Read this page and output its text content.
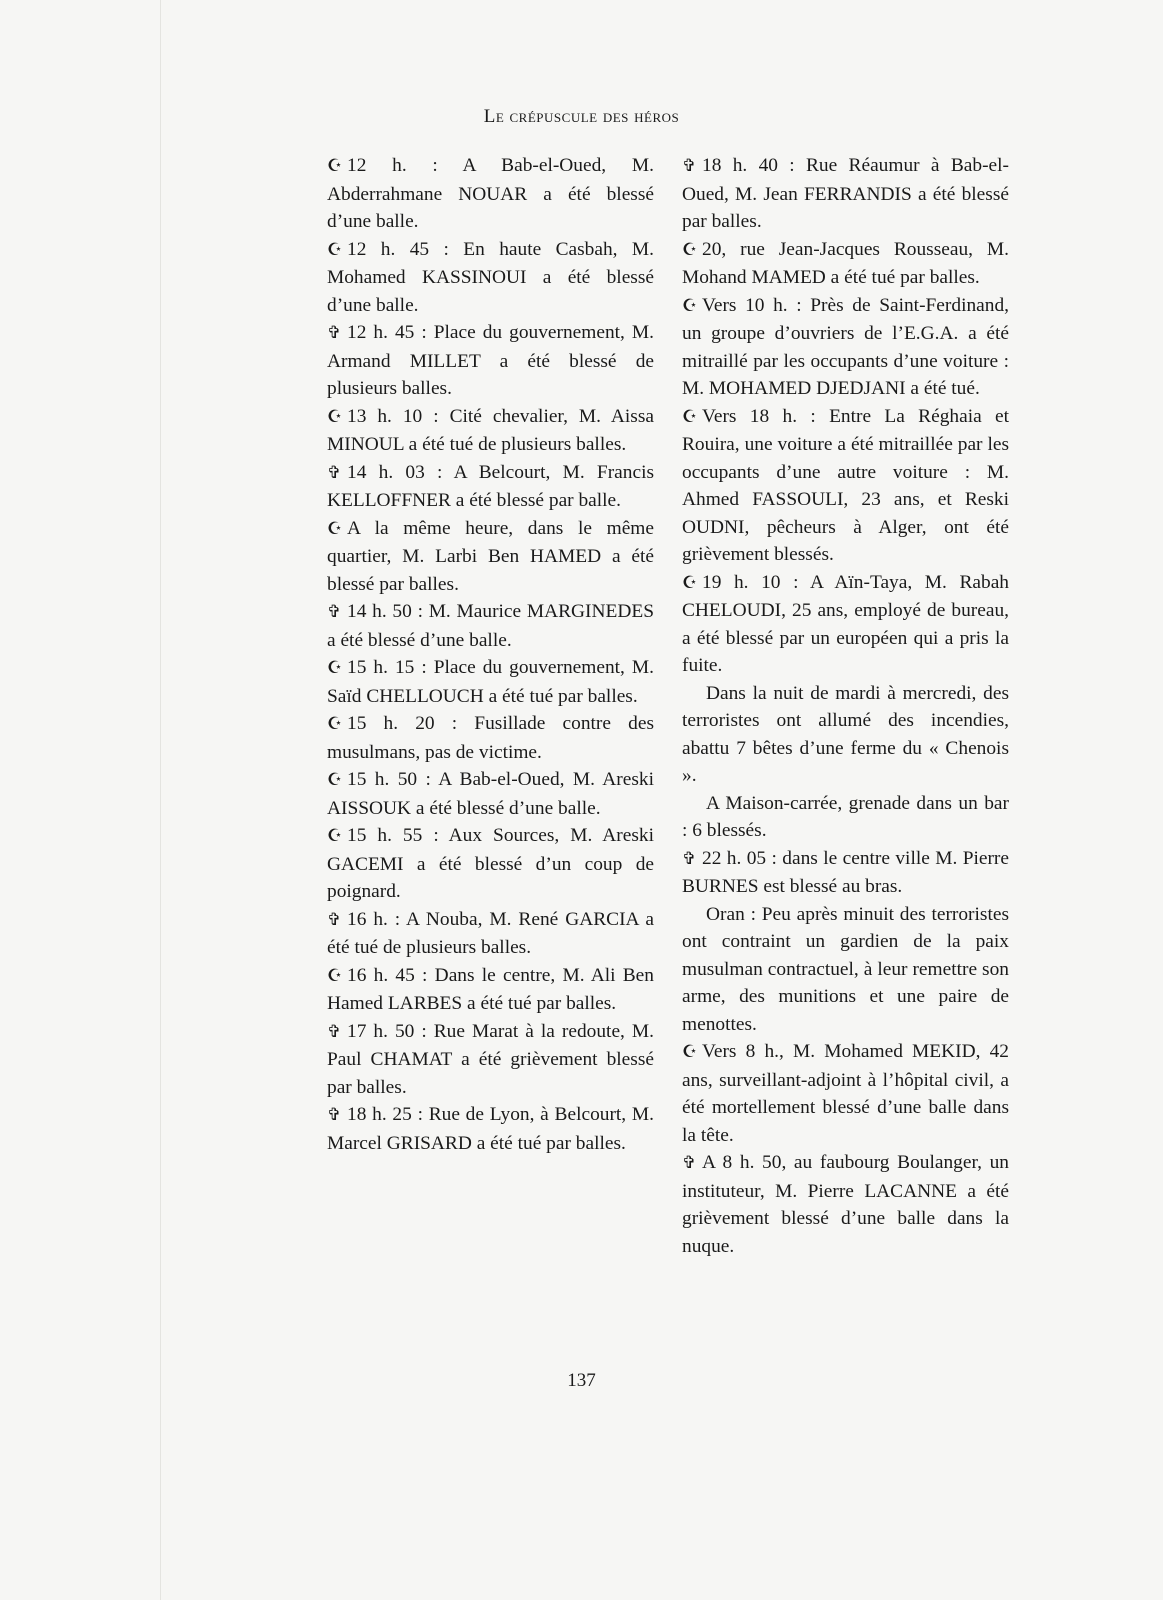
Le crépuscule des héros

☪ 12 h. : A Bab-el-Oued, M. Abderrahmane NOUAR a été blessé d’une balle.

☪ 12 h. 45 : En haute Casbah, M. Mohamed KASSINOUI a été blessé d’une balle.

✞ 12 h. 45 : Place du gouvernement, M. Armand MILLET a été blessé de plusieurs balles.

☪ 13 h. 10 : Cité chevalier, M. Aissa MINOUL a été tué de plusieurs balles.

✞ 14 h. 03 : A Belcourt, M. Francis KELLOFFNER a été blessé par balle.

☪ A la même heure, dans le même quartier, M. Larbi Ben HAMED a été blessé par balles.

✞ 14 h. 50 : M. Maurice MARGINEDES a été blessé d’une balle.

☪ 15 h. 15 : Place du gouvernement, M. Saïd CHELLOUCH a été tué par balles.

☪ 15 h. 20 : Fusillade contre des musulmans, pas de victime.

☪ 15 h. 50 : A Bab-el-Oued, M. Areski AISSOUK a été blessé d’une balle.

☪ 15 h. 55 : Aux Sources, M. Areski GACEMI a été blessé d’un coup de poignard.

✞ 16 h. : A Nouba, M. René GARCIA a été tué de plusieurs balles.

☪ 16 h. 45 : Dans le centre, M. Ali Ben Hamed LARBES a été tué par balles.

✞ 17 h. 50 : Rue Marat à la redoute, M. Paul CHAMAT a été grièvement blessé par balles.

✞ 18 h. 25 : Rue de Lyon, à Belcourt, M. Marcel GRISARD a été tué par balles.

✞ 18 h. 40 : Rue Réaumur à Bab-el-Oued, M. Jean FERRANDIS a été blessé par balles.

☪ 20, rue Jean-Jacques Rousseau, M. Mohand MAMED a été tué par balles.

☪ Vers 10 h. : Près de Saint-Ferdinand, un groupe d’ouvriers de l’E.G.A. a été mitraillé par les occupants d’une voiture : M. MOHAMED DJEDJANI a été tué.

☪ Vers 18 h. : Entre La Réghaia et Rouira, une voiture a été mitraillée par les occupants d’une autre voiture : M. Ahmed FASSOULI, 23 ans, et Reski OUDNI, pêcheurs à Alger, ont été grièvement blessés.

☪ 19 h. 10 : A Aïn-Taya, M. Rabah CHELOUDI, 25 ans, employé de bureau, a été blessé par un européen qui a pris la fuite.

Dans la nuit de mardi à mercredi, des terroristes ont allumé des incendies, abattu 7 bêtes d’une ferme du « Chenois ».

A Maison-carrée, grenade dans un bar : 6 blessés.

✞ 22 h. 05 : dans le centre ville M. Pierre BURNES est blessé au bras.

Oran : Peu après minuit des terroristes ont contraint un gardien de la paix musulman contractuel, à leur remettre son arme, des munitions et une paire de menottes.

☪ Vers 8 h., M. Mohamed MEKID, 42 ans, surveillant-adjoint à l’hôpital civil, a été mortellement blessé d’une balle dans la tête.

✞ A 8 h. 50, au faubourg Boulanger, un instituteur, M. Pierre LACANNE a été grièvement blessé d’une balle dans la nuque.

137
